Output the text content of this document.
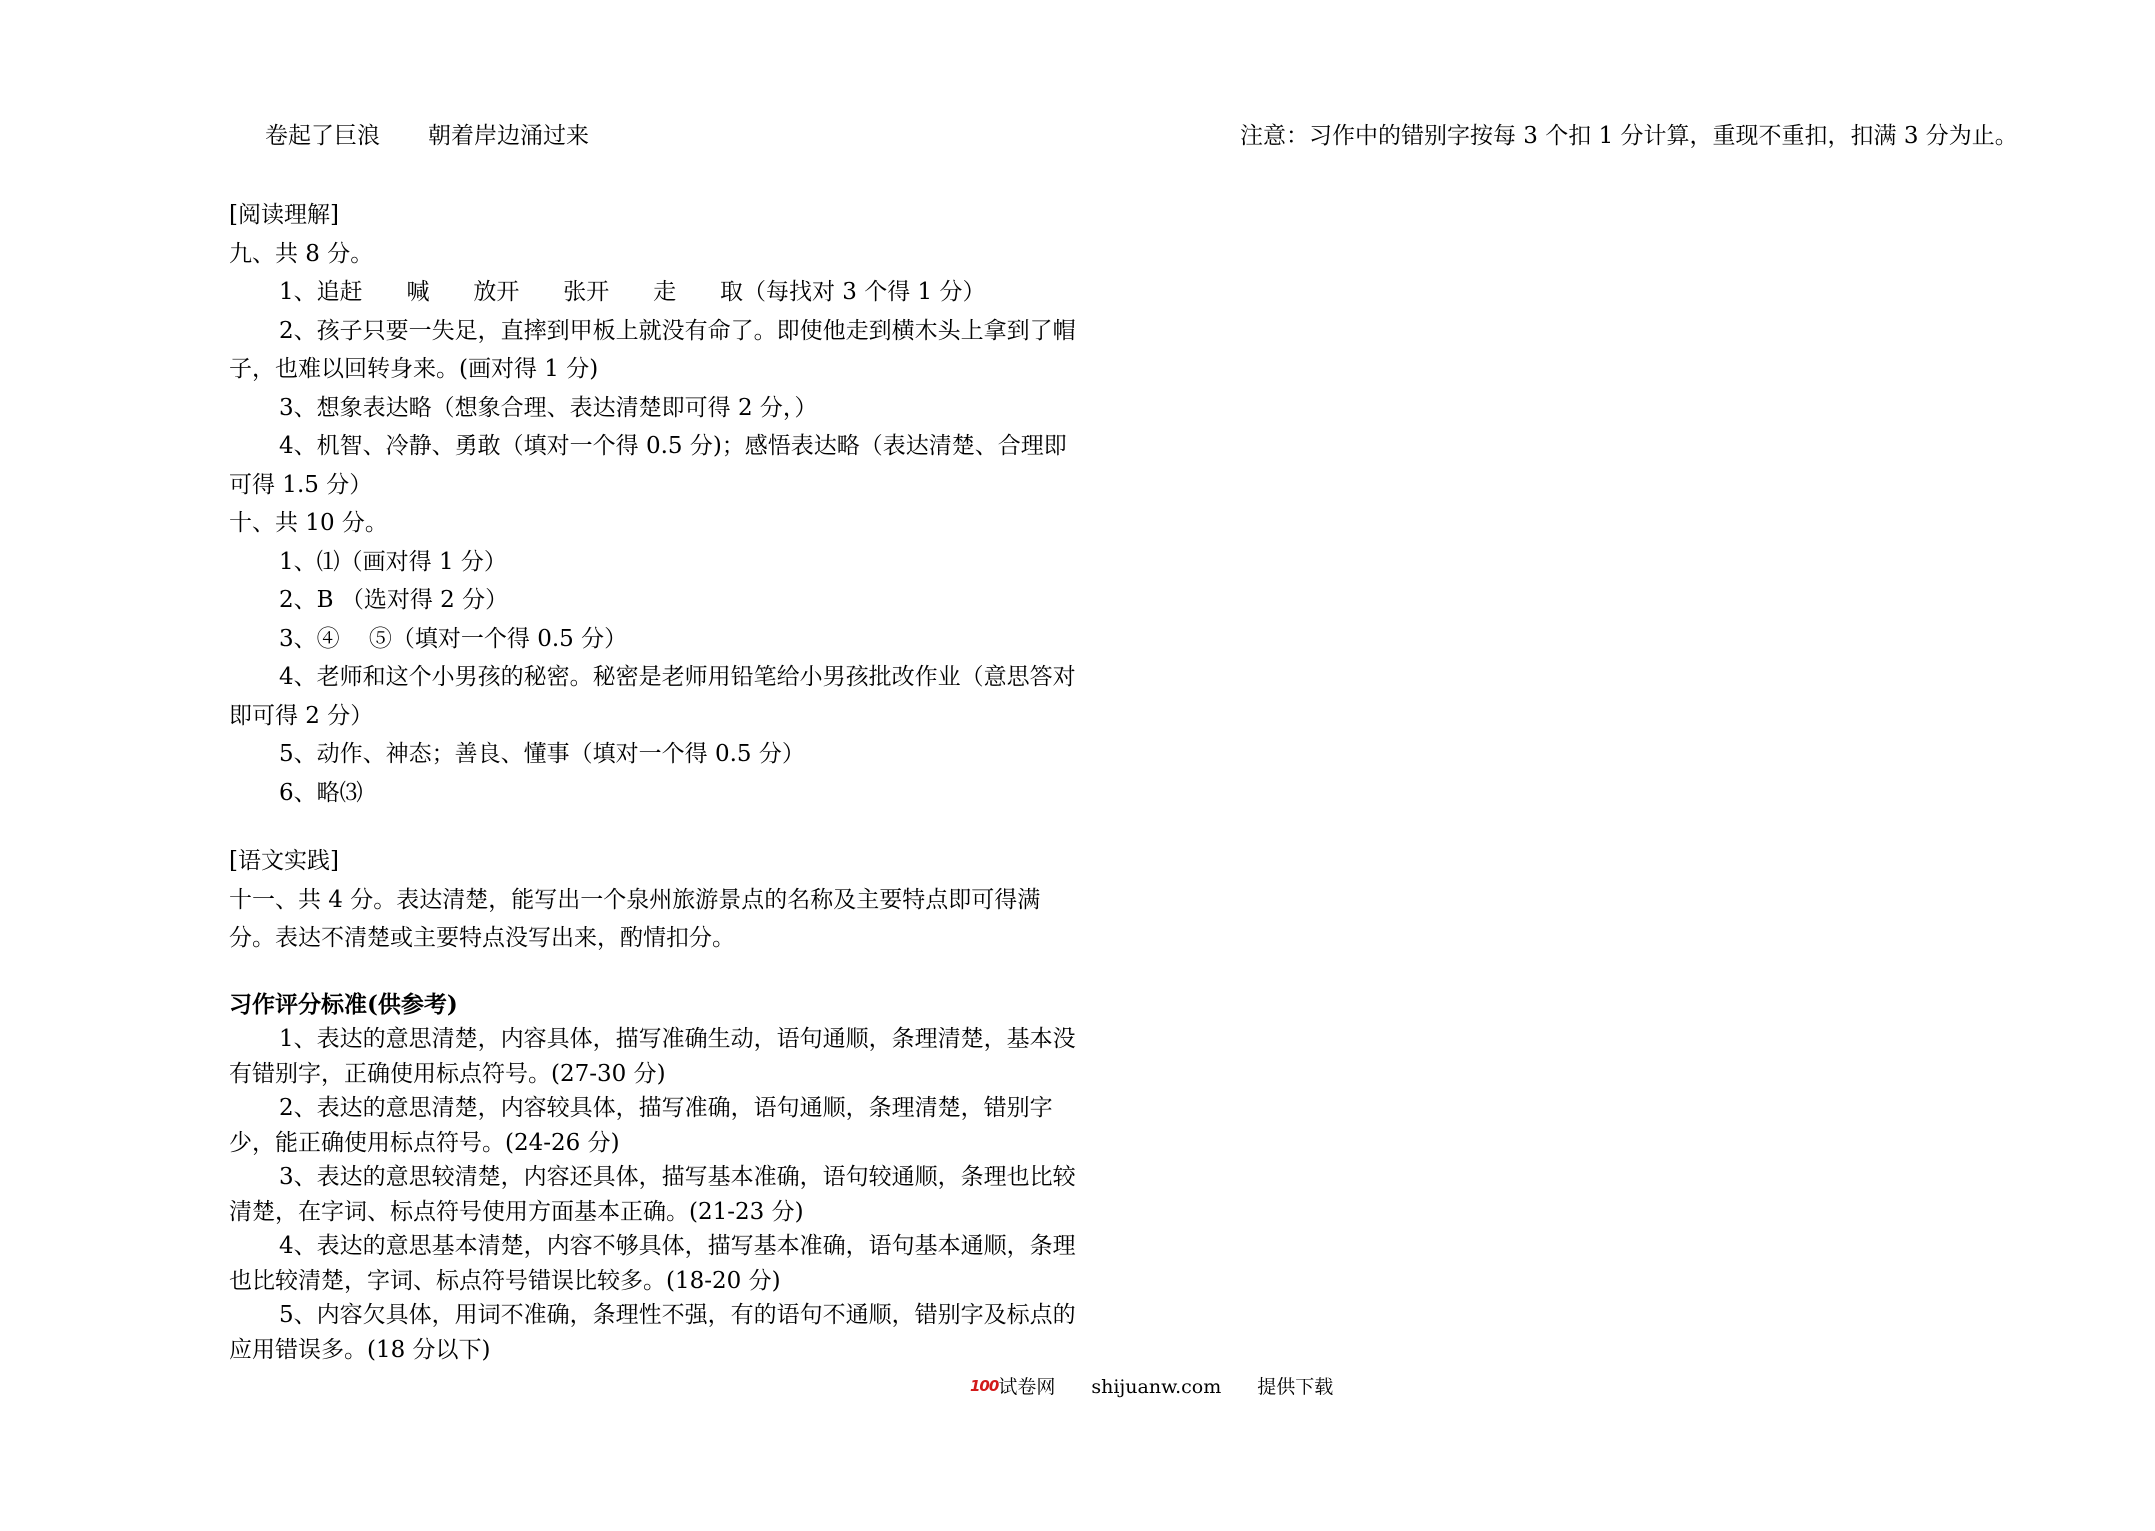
卷起了巨浪 朝着岸边涌过来	注意：习作中的错别字按每 3 个扣 1 分计算，重现不重扣，扣满 3 分为止。

[阅读理解]

九、共 8 分。

1、追赶      喊      放开      张开      走      取（每找对 3 个得 1 分）

2、孩子只要一失足，直摔到甲板上就没有命了。即使他走到横木头上拿到了帽子，也难以回转身来。(画对得 1 分)

3、想象表达略（想象合理、表达清楚即可得 2 分，）

4、机智、冷静、勇敢（填对一个得 0.5 分)；感悟表达略（表达清楚、合理即可得 1.5 分）

十、共 10 分。

1、⑴（画对得 1 分）

2、B （选对得 2 分）

3、④    ⑤（填对一个得 0.5 分）

4、老师和这个小男孩的秘密。秘密是老师用铅笔给小男孩批改作业（意思答对即可得 2 分）

5、动作、神态；善良、懂事（填对一个得 0.5 分）

6、略⑶

[语文实践]

十一、共 4 分。表达清楚，能写出一个泉州旅游景点的名称及主要特点即可得满分。表达不清楚或主要特点没写出来，酌情扣分。

习作评分标准(供参考)

1、表达的意思清楚，内容具体，描写准确生动，语句通顺，条理清楚，基本没有错别字，正确使用标点符号。(27-30 分)

2、表达的意思清楚，内容较具体，描写准确，语句通顺，条理清楚，错别字少，能正确使用标点符号。(24-26 分)

3、表达的意思较清楚，内容还具体，描写基本准确，语句较通顺，条理也比较清楚，在字词、标点符号使用方面基本正确。(21-23 分)

4、表达的意思基本清楚，内容不够具体，描写基本准确，语句基本通顺，条理也比较清楚，字词、标点符号错误比较多。(18-20 分)

5、内容欠具体，用词不准确，条理性不强，有的语句不通顺，错别字及标点的应用错误多。(18 分以下)

100试卷网 shijuanw.com 提供下载
